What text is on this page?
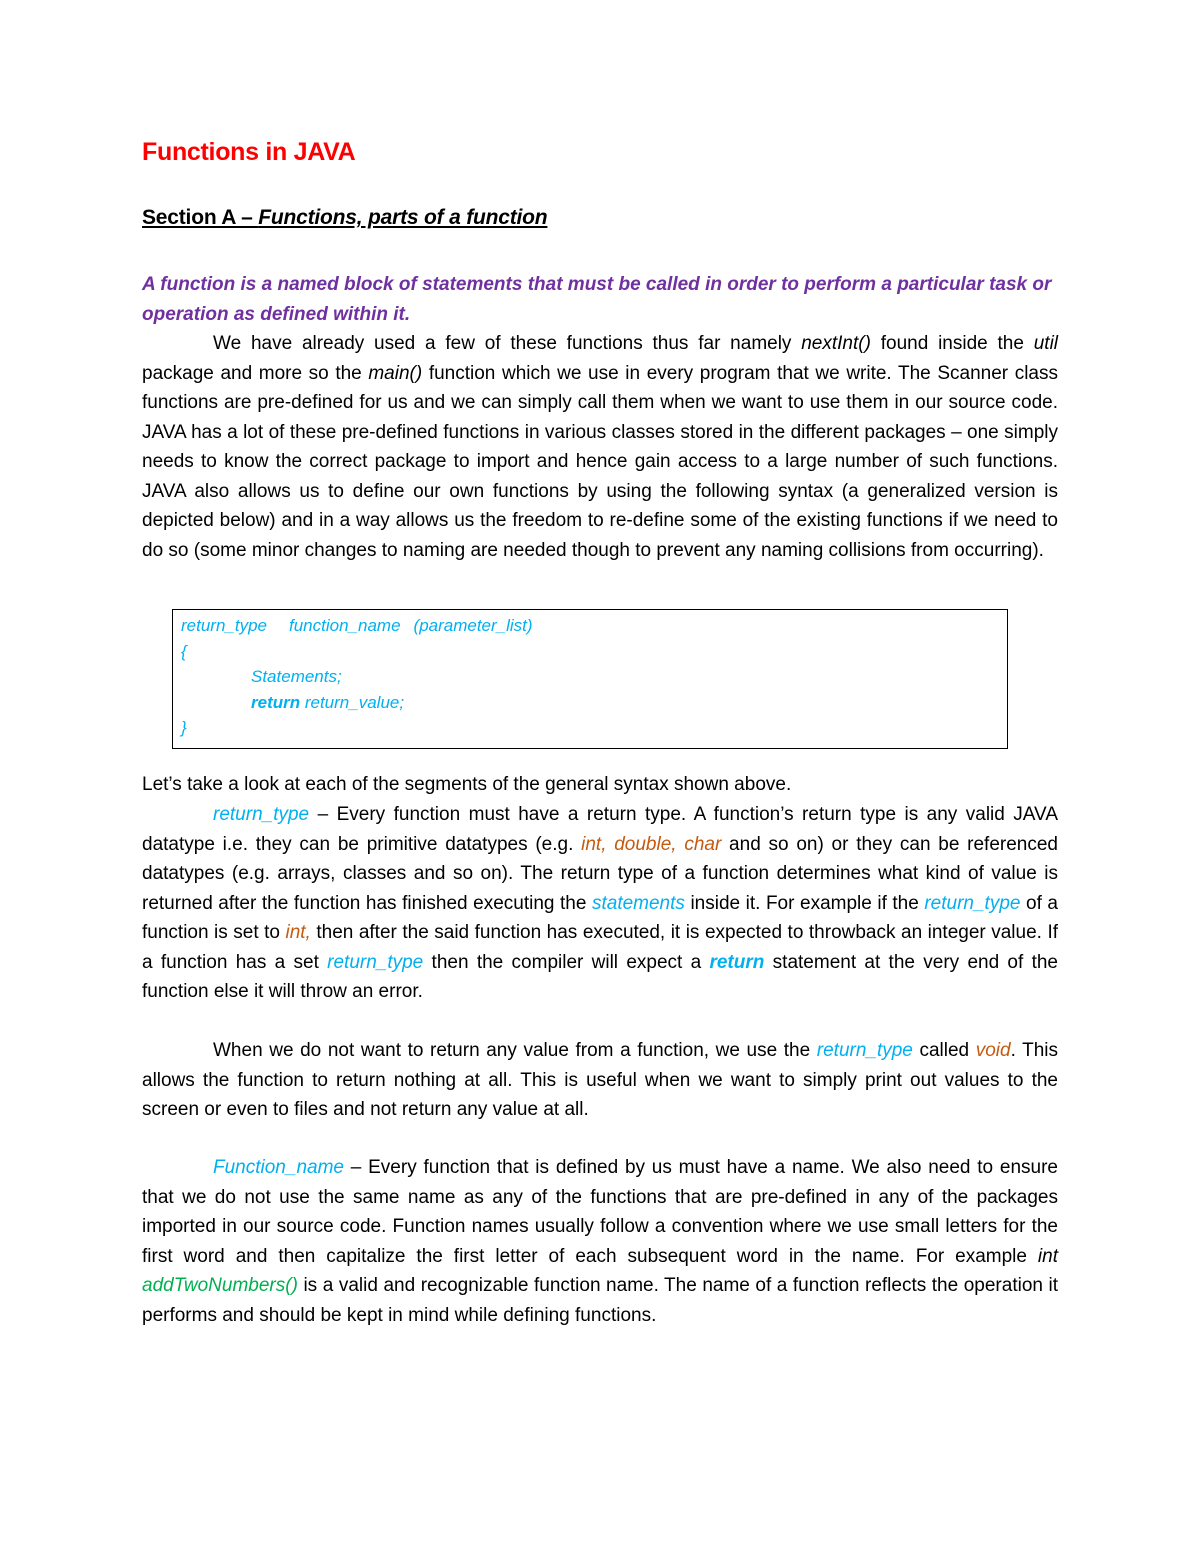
Functions in JAVA
Section A – Functions, parts of a function

A function is a named block of statements that must be called in order to perform a particular task or operation as defined within it.

We have already used a few of these functions thus far namely nextInt() found inside the util package and more so the main() function which we use in every program that we write. The Scanner class functions are pre-defined for us and we can simply call them when we want to use them in our source code. JAVA has a lot of these pre-defined functions in various classes stored in the different packages – one simply needs to know the correct package to import and hence gain access to a large number of such functions. JAVA also allows us to define our own functions by using the following syntax (a generalized version is depicted below) and in a way allows us the freedom to re-define some of the existing functions if we need to do so (some minor changes to naming are needed though to prevent any naming collisions from occurring).

return_type function_name (parameter_list)
{
Statements;
return return_value;
}

Let’s take a look at each of the segments of the general syntax shown above.

return_type – Every function must have a return type. A function’s return type is any valid JAVA datatype i.e. they can be primitive datatypes (e.g. int, double, char and so on) or they can be referenced datatypes (e.g. arrays, classes and so on). The return type of a function determines what kind of value is returned after the function has finished executing the statements inside it. For example if the return_type of a function is set to int, then after the said function has executed, it is expected to throwback an integer value. If a function has a set return_type then the compiler will expect a return statement at the very end of the function else it will throw an error.

When we do not want to return any value from a function, we use the return_type called void. This allows the function to return nothing at all. This is useful when we want to simply print out values to the screen or even to files and not return any value at all.

Function_name – Every function that is defined by us must have a name. We also need to ensure that we do not use the same name as any of the functions that are pre-defined in any of the packages imported in our source code. Function names usually follow a convention where we use small letters for the first word and then capitalize the first letter of each subsequent word in the name. For example int addTwoNumbers() is a valid and recognizable function name. The name of a function reflects the operation it performs and should be kept in mind while defining functions.
